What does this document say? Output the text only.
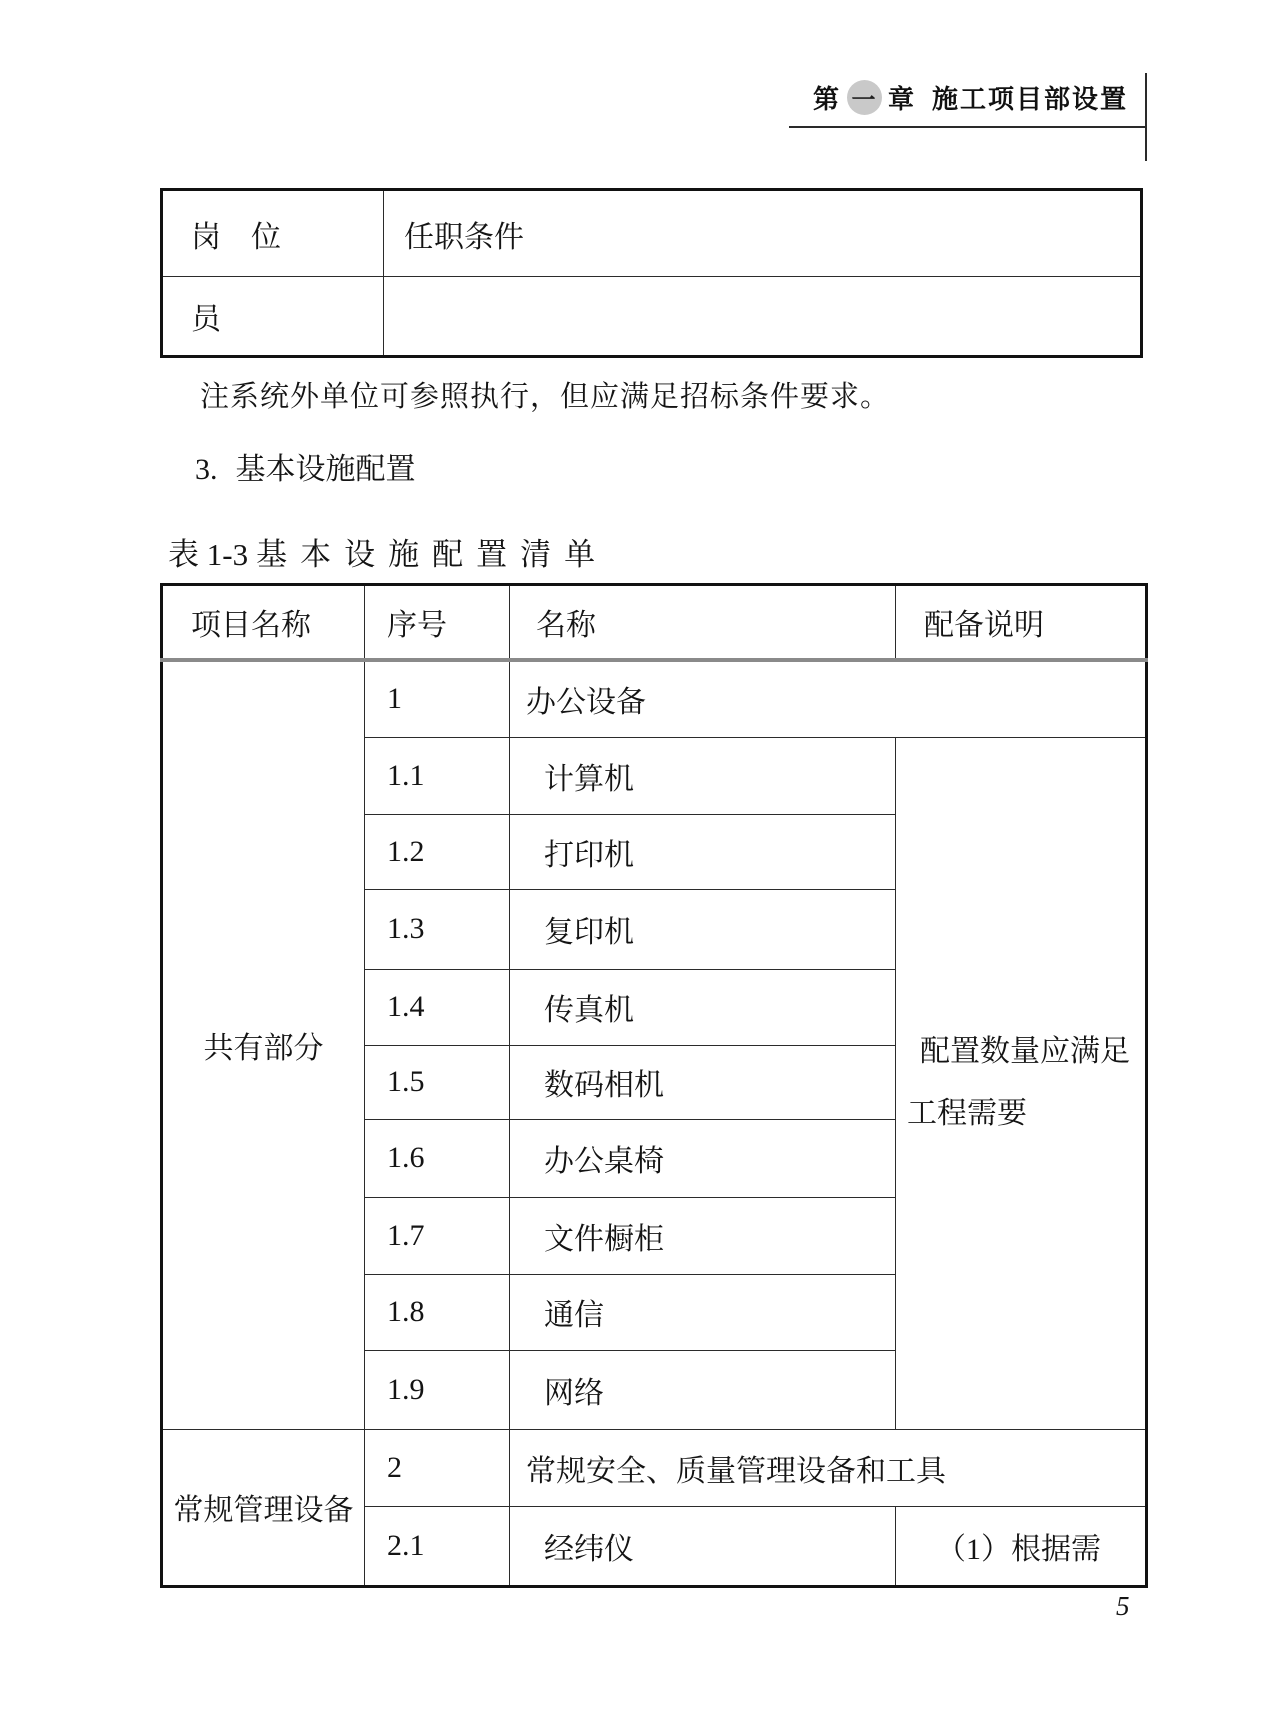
第 一 章 施工项目部设置
岗　位	任职条件
员	
注系统外单位可参照执行，但应满足招标条件要求。
3. 基本设施配置
表 1-3 基本设施配置清单
项目名称	序号	名称	配备说明
共有部分	1	办公设备	
	1.1	计算机	配置数量应满足
工程需要

	1.2	打印机	
	1.3	复印机	
	1.4	传真机	
	1.5	数码相机	
	1.6	办公桌椅	
	1.7	文件橱柜	
	1.8	通信	
	1.9	网络	
常规管理设备	2	常规安全、质量管理设备和工具	
	2.1	经纬仪	（1）根据需
5
